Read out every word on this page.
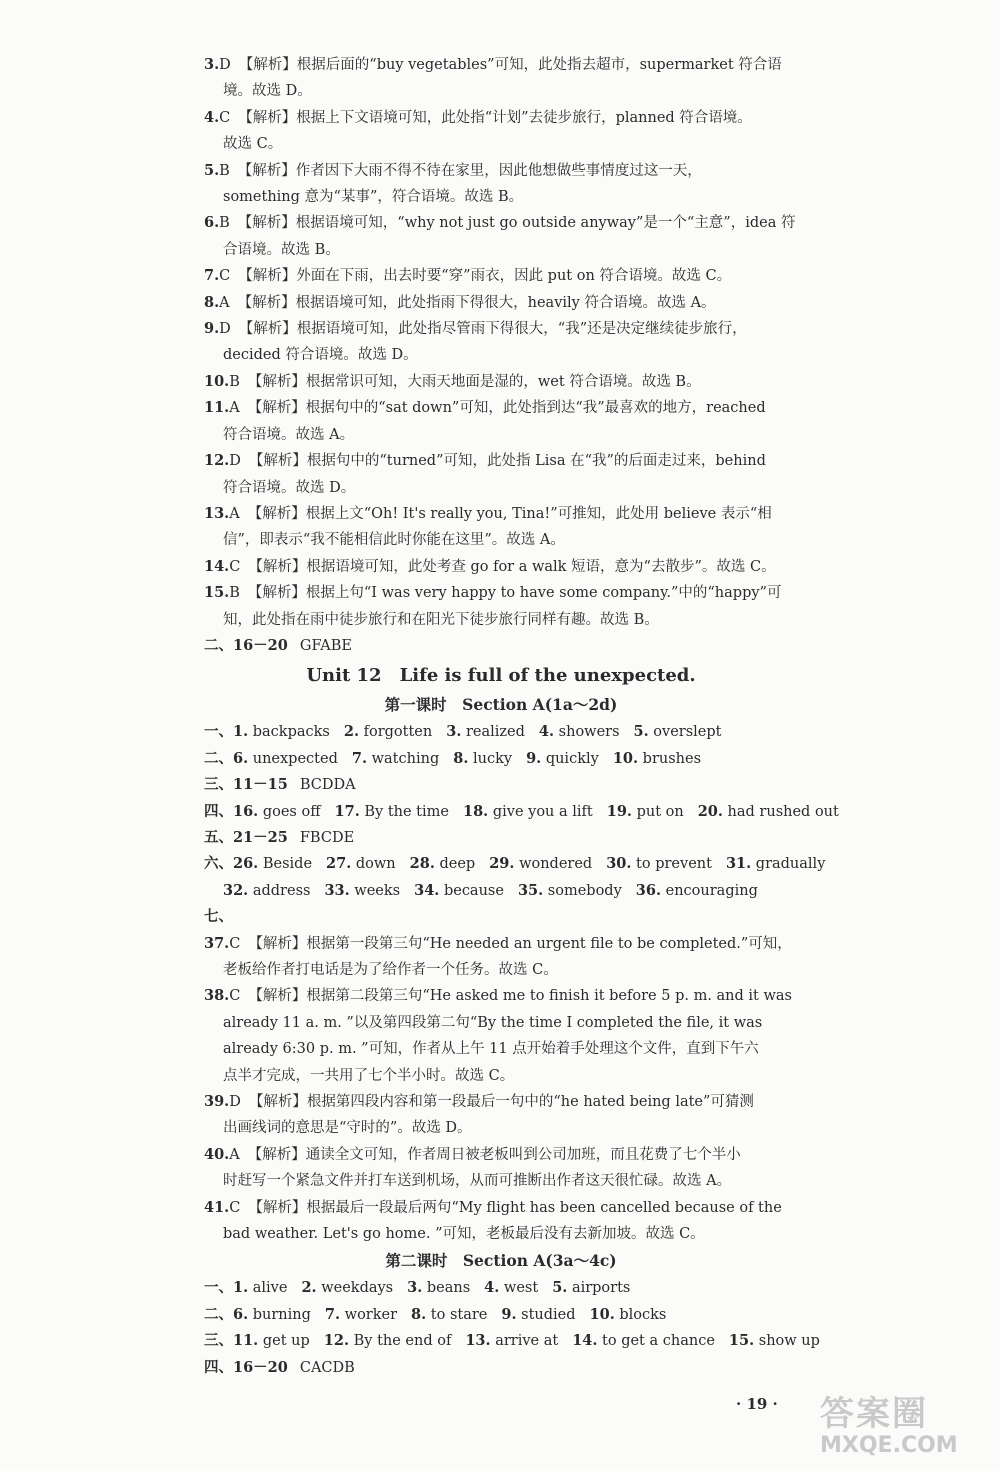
3.D 【解析】根据后面的“buy vegetables”可知，此处指去超市，supermarket 符合语
境。故选 D。
4.C 【解析】根据上下文语境可知，此处指“计划”去徒步旅行，planned 符合语境。
故选 C。
5.B 【解析】作者因下大雨不得不待在家里，因此他想做些事情度过这一天，
something 意为“某事”，符合语境。故选 B。
6.B 【解析】根据语境可知，“why not just go outside anyway”是一个“主意”，idea 符
合语境。故选 B。
7.C 【解析】外面在下雨，出去时要“穿”雨衣，因此 put on 符合语境。故选 C。
8.A 【解析】根据语境可知，此处指雨下得很大，heavily 符合语境。故选 A。
9.D 【解析】根据语境可知，此处指尽管雨下得很大，“我”还是决定继续徒步旅行，
decided 符合语境。故选 D。
10.B 【解析】根据常识可知，大雨天地面是湿的，wet 符合语境。故选 B。
11.A 【解析】根据句中的“sat down”可知，此处指到达“我”最喜欢的地方，reached
符合语境。故选 A。
12.D 【解析】根据句中的“turned”可知，此处指 Lisa 在“我”的后面走过来，behind
符合语境。故选 D。
13.A 【解析】根据上文“Oh! It's really you, Tina!”可推知，此处用 believe 表示“相
信”，即表示“我不能相信此时你能在这里”。故选 A。
14.C 【解析】根据语境可知，此处考查 go for a walk 短语，意为“去散步”。故选 C。
15.B 【解析】根据上句“I was very happy to have some company.”中的“happy”可
知，此处指在雨中徒步旅行和在阳光下徒步旅行同样有趣。故选 B。
二、16－20 GFABE
Unit 12　Life is full of the unexpected.
第一课时　Section A(1a～2d)
一、1. backpacks 2. forgotten 3. realized 4. showers 5. overslept
二、6. unexpected 7. watching 8. lucky 9. quickly 10. brushes
三、11－15 BCDDA
四、16. goes off 17. By the time 18. give you a lift 19. put on 20. had rushed out
五、21－25 FBCDE
六、26. Beside 27. down 28. deep 29. wondered 30. to prevent 31. gradually
32. address 33. weeks 34. because 35. somebody 36. encouraging
七、
37.C 【解析】根据第一段第三句“He needed an urgent file to be completed.”可知，
老板给作者打电话是为了给作者一个任务。故选 C。
38.C 【解析】根据第二段第三句“He asked me to finish it before 5 p. m. and it was
already 11 a. m. ”以及第四段第二句“By the time I completed the file, it was
already 6:30 p. m. ”可知，作者从上午 11 点开始着手处理这个文件，直到下午六
点半才完成，一共用了七个半小时。故选 C。
39.D 【解析】根据第四段内容和第一段最后一句中的“he hated being late”可猜测
出画线词的意思是“守时的”。故选 D。
40.A 【解析】通读全文可知，作者周日被老板叫到公司加班，而且花费了七个半小
时赶写一个紧急文件并打车送到机场，从而可推断出作者这天很忙碌。故选 A。
41.C 【解析】根据最后一段最后两句“My flight has been cancelled because of the
bad weather. Let's go home. ”可知，老板最后没有去新加坡。故选 C。
第二课时　Section A(3a～4c)
一、1. alive 2. weekdays 3. beans 4. west 5. airports
二、6. burning 7. worker 8. to stare 9. studied 10. blocks
三、11. get up 12. By the end of 13. arrive at 14. to get a chance 15. show up
四、16－20 CACDB
· 19 · 答案圈
MXQE.COM
